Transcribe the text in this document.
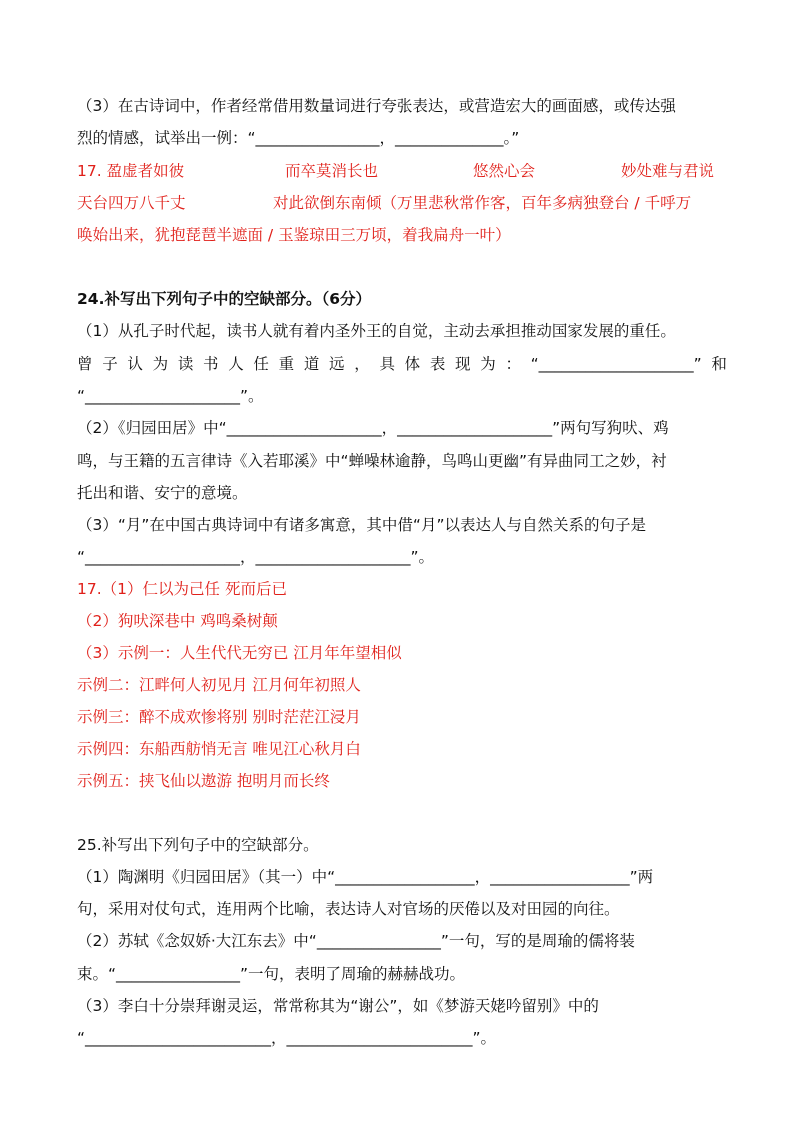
（3）在古诗词中，作者经常借用数量词进行夸张表达，或营造宏大的画面感，或传达强
烈的情感，试举出一例：“________________，______________。”
17. 盈虚者如彼	而卒莫消长也	悠然心会	妙处难与君说
天台四万八千丈	对此欲倒东南倾（万里悲秋常作客，百年多病独登台 / 千呼万
唤始出来，犹抱琵琶半遮面 / 玉鉴琼田三万顷，着我扁舟一叶）
24.补写出下列句子中的空缺部分。（6分）
（1）从孔子时代起，读书人就有着内圣外王的自觉，主动去承担推动国家发展的重任。
曾 子 认 为 读 书 人 任 重 道 远 ， 具 体 表 现 为 ： “____________________” 和
“____________________”。
（2）《归园田居》中“____________________，____________________”两句写狗吠、鸡
鸣，与王籍的五言律诗《入若耶溪》中“蝉噪林逾静，鸟鸣山更幽”有异曲同工之妙，衬
托出和谐、安宁的意境。
（3）“月”在中国古典诗词中有诸多寓意，其中借“月”以表达人与自然关系的句子是
“____________________，____________________”。
17.（1）仁以为己任 死而后已
（2）狗吠深巷中 鸡鸣桑树颠
（3）示例一：人生代代无穷已 江月年年望相似
示例二：江畔何人初见月 江月何年初照人
示例三：醉不成欢惨将别 别时茫茫江浸月
示例四：东船西舫悄无言 唯见江心秋月白
示例五：挟飞仙以遨游 抱明月而长终
25.补写出下列句子中的空缺部分。
（1）陶渊明《归园田居》（其一）中“__________________，__________________”两
句，采用对仗句式，连用两个比喻，表达诗人对官场的厌倦以及对田园的向往。
（2）苏轼《念奴娇·大江东去》中“________________”一句，写的是周瑜的儒将装
束。“________________”一句，表明了周瑜的赫赫战功。
（3）李白十分崇拜谢灵运，常常称其为“谢公”，如《梦游天姥吟留别》中的
“________________________，________________________”。
